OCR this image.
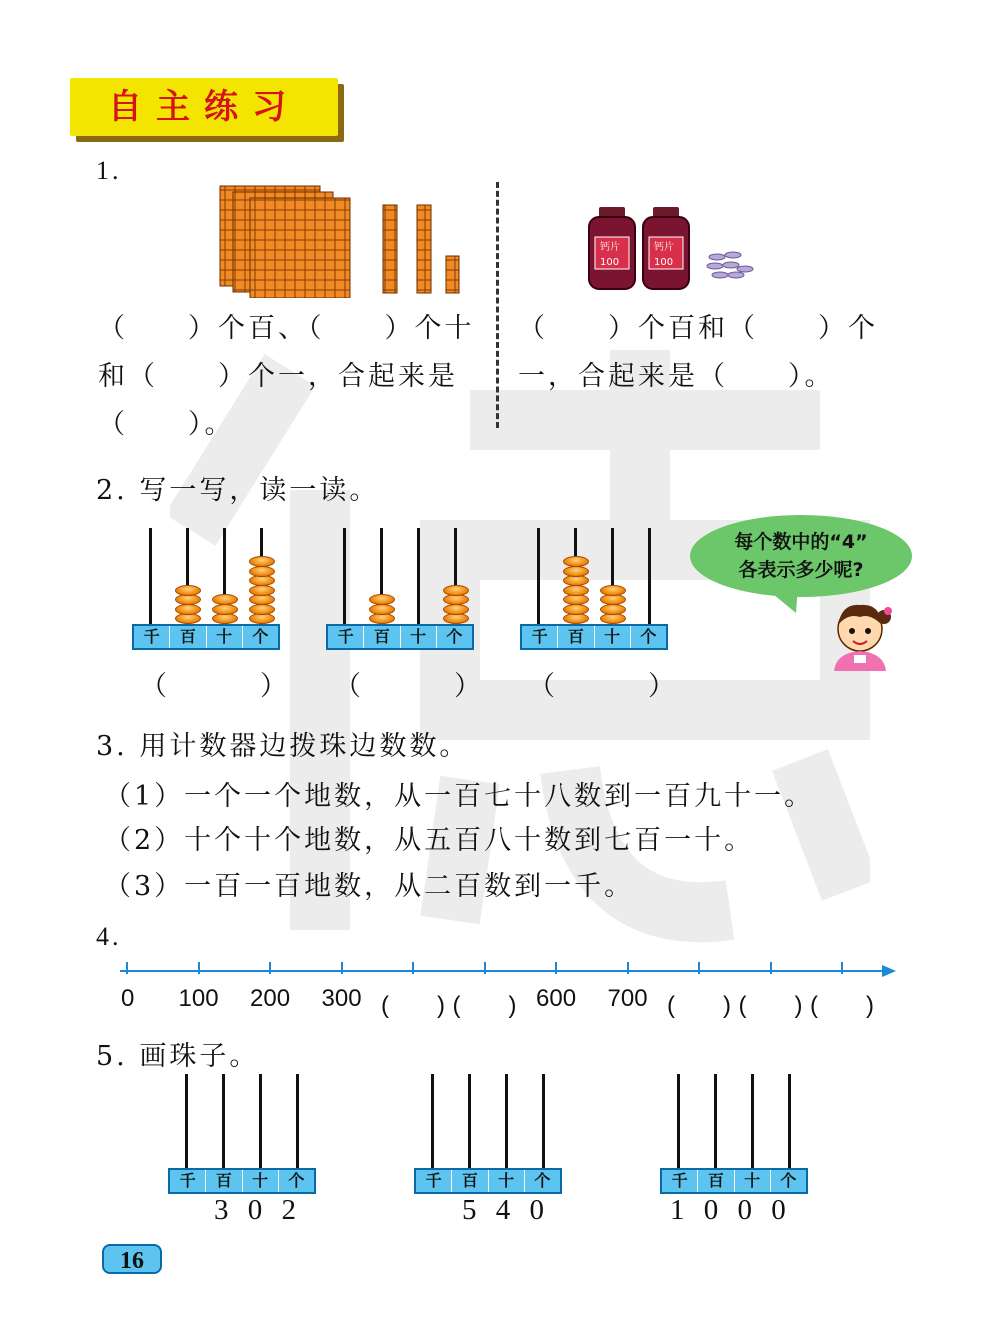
自主练习
1.
（　　）个百、（　　）个十
和（　　）个一，合起来是
（　　）。
钙片
100
钙片
100
（　　）个百和（　　）个
一，合起来是（　　）。
2. 写一写，读一读。
千	百	十	个	千	百	十	个	千	百	十	个
（　　　） （　　　） （　　　）

每个数中的“4”

各表示多少呢?

3. 用计数器边拨珠边数数。
（1）一个一个地数，从一百七十八数到一百九十一。
（2）十个十个地数，从五百八十数到七百一十。
（3）一百一百地数，从二百数到一千。
4.
0 100 200 300 (　　) (　　) 600 700 (　　) (　　) (　　)
5. 画珠子。
千	百	十	个	千	百	十	个	千	百	十	个
3 0 2	5 4 0	1 0 0 0
16
